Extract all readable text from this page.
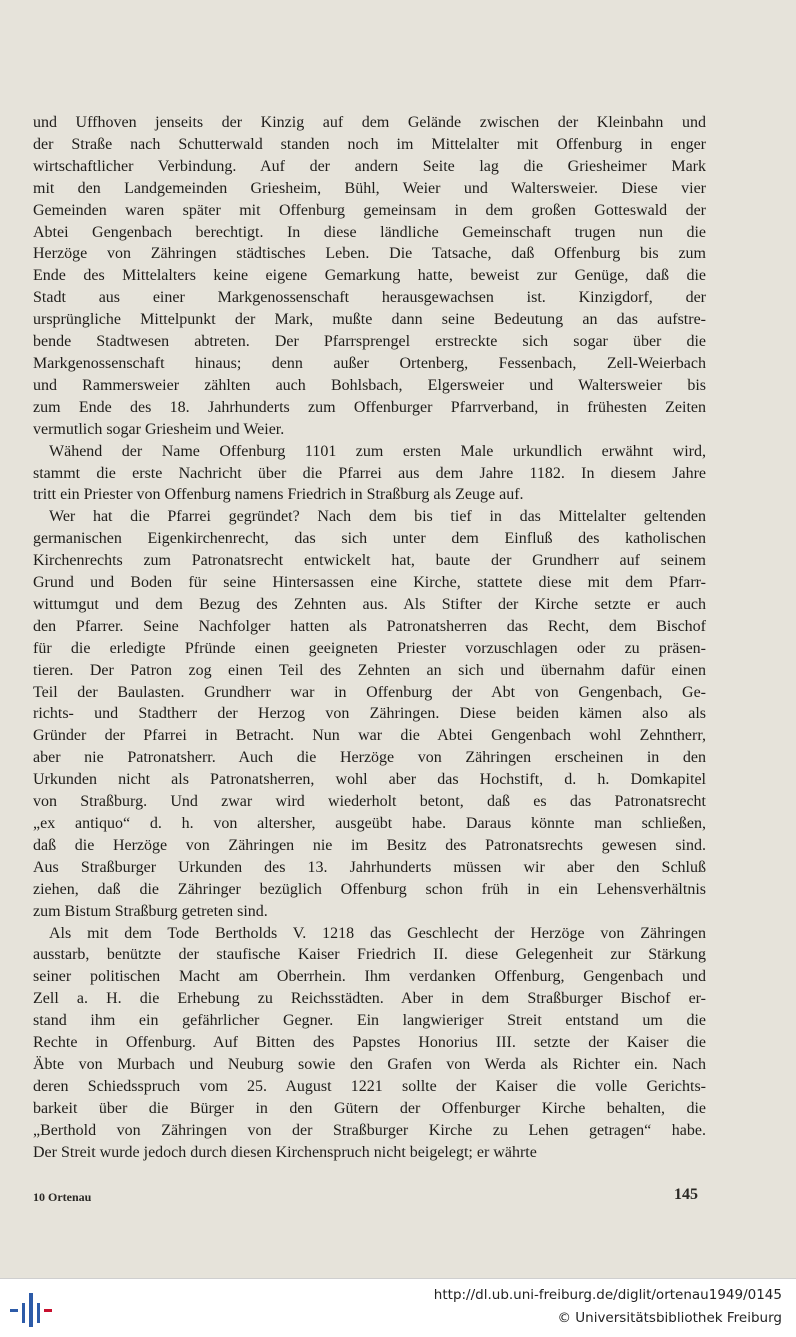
und Uffhoven jenseits der Kinzig auf dem Gelände zwischen der Kleinbahn und

der Straße nach Schutterwald standen noch im Mittelalter mit Offenburg in enger

wirtschaftlicher Verbindung. Auf der andern Seite lag die Griesheimer Mark

mit den Landgemeinden Griesheim, Bühl, Weier und Waltersweier. Diese vier

Gemeinden waren später mit Offenburg gemeinsam in dem großen Gotteswald der

Abtei Gengenbach berechtigt. In diese ländliche Gemeinschaft trugen nun die

Herzöge von Zähringen städtisches Leben. Die Tatsache, daß Offenburg bis zum

Ende des Mittelalters keine eigene Gemarkung hatte, beweist zur Genüge, daß die

Stadt aus einer Markgenossenschaft herausgewachsen ist. Kinzigdorf, der

ursprüngliche Mittelpunkt der Mark, mußte dann seine Bedeutung an das aufstre-

bende Stadtwesen abtreten. Der Pfarrsprengel erstreckte sich sogar über die

Markgenossenschaft hinaus; denn außer Ortenberg, Fessenbach, Zell-Weierbach

und Rammersweier zählten auch Bohlsbach, Elgersweier und Waltersweier bis

zum Ende des 18. Jahrhunderts zum Offenburger Pfarrverband, in frühesten Zeiten

vermutlich sogar Griesheim und Weier.

Wähend der Name Offenburg 1101 zum ersten Male urkundlich erwähnt wird,

stammt die erste Nachricht über die Pfarrei aus dem Jahre 1182. In diesem Jahre

tritt ein Priester von Offenburg namens Friedrich in Straßburg als Zeuge auf.

Wer hat die Pfarrei gegründet? Nach dem bis tief in das Mittelalter geltenden

germanischen Eigenkirchenrecht, das sich unter dem Einfluß des katholischen

Kirchenrechts zum Patronatsrecht entwickelt hat, baute der Grundherr auf seinem

Grund und Boden für seine Hintersassen eine Kirche, stattete diese mit dem Pfarr-

wittumgut und dem Bezug des Zehnten aus. Als Stifter der Kirche setzte er auch

den Pfarrer. Seine Nachfolger hatten als Patronatsherren das Recht, dem Bischof

für die erledigte Pfründe einen geeigneten Priester vorzuschlagen oder zu präsen-

tieren. Der Patron zog einen Teil des Zehnten an sich und übernahm dafür einen

Teil der Baulasten. Grundherr war in Offenburg der Abt von Gengenbach, Ge-

richts- und Stadtherr der Herzog von Zähringen. Diese beiden kämen also als

Gründer der Pfarrei in Betracht. Nun war die Abtei Gengenbach wohl Zehntherr,

aber nie Patronatsherr. Auch die Herzöge von Zähringen erscheinen in den

Urkunden nicht als Patronatsherren, wohl aber das Hochstift, d. h. Domkapitel

von Straßburg. Und zwar wird wiederholt betont, daß es das Patronatsrecht

„ex antiquo“ d. h. von altersher, ausgeübt habe. Daraus könnte man schließen,

daß die Herzöge von Zähringen nie im Besitz des Patronatsrechts gewesen sind.

Aus Straßburger Urkunden des 13. Jahrhunderts müssen wir aber den Schluß

ziehen, daß die Zähringer bezüglich Offenburg schon früh in ein Lehensverhältnis

zum Bistum Straßburg getreten sind.

Als mit dem Tode Bertholds V. 1218 das Geschlecht der Herzöge von Zähringen

ausstarb, benützte der staufische Kaiser Friedrich II. diese Gelegenheit zur Stärkung

seiner politischen Macht am Oberrhein. Ihm verdanken Offenburg, Gengenbach und

Zell a. H. die Erhebung zu Reichsstädten. Aber in dem Straßburger Bischof er-

stand ihm ein gefährlicher Gegner. Ein langwieriger Streit entstand um die

Rechte in Offenburg. Auf Bitten des Papstes Honorius III. setzte der Kaiser die

Äbte von Murbach und Neuburg sowie den Grafen von Werda als Richter ein. Nach

deren Schiedsspruch vom 25. August 1221 sollte der Kaiser die volle Gerichts-

barkeit über die Bürger in den Gütern der Offenburger Kirche behalten, die

„Berthold von Zähringen von der Straßburger Kirche zu Lehen getragen“ habe.

Der Streit wurde jedoch durch diesen Kirchenspruch nicht beigelegt; er währte

10 Ortenau	145
http://dl.ub.uni-freiburg.de/diglit/ortenau1949/0145
© Universitätsbibliothek Freiburg
